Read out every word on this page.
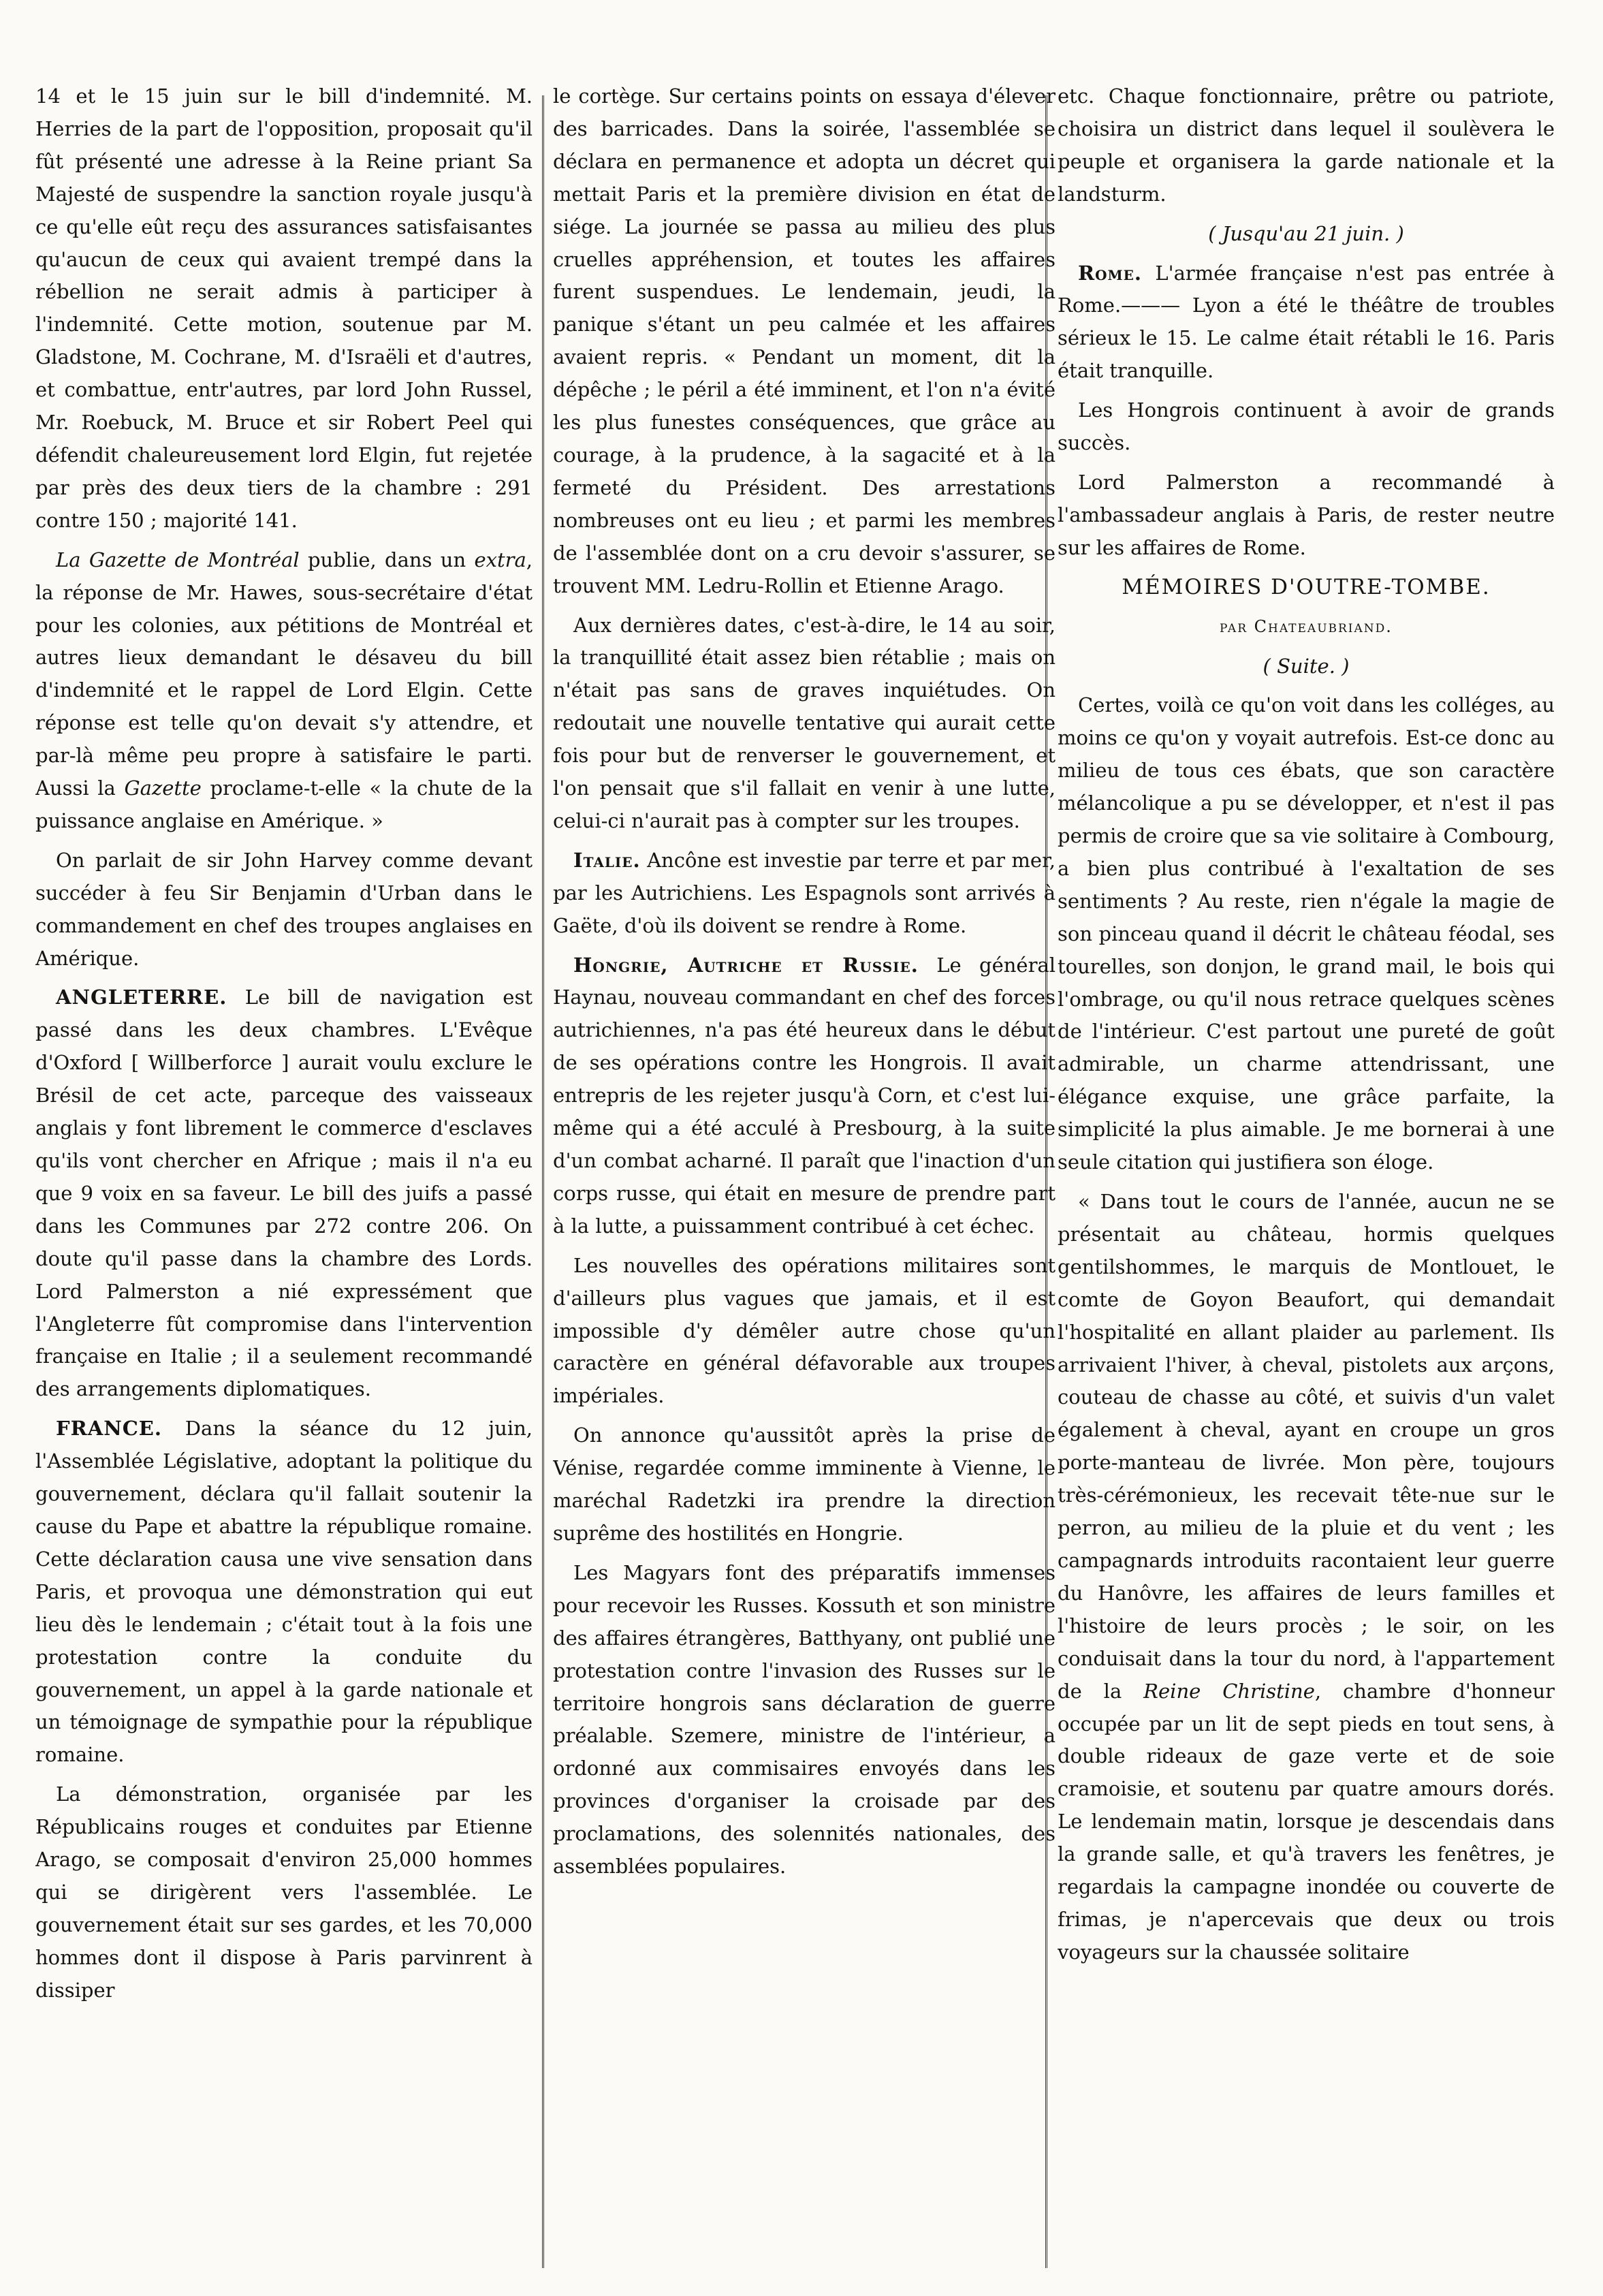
14 et le 15 juin sur le bill d'indemnité. M. Herries de la part de l'opposition, proposait qu'il fût présenté une adresse à la Reine priant Sa Majesté de suspendre la sanction royale jusqu'à ce qu'elle eût reçu des assurances satisfaisantes qu'aucun de ceux qui avaient trempé dans la rébellion ne serait admis à participer à l'indemnité. Cette motion, soutenue par M. Gladstone, M. Cochrane, M. d'Israëli et d'autres, et combattue, entr'autres, par lord John Russel, Mr. Roebuck, M. Bruce et sir Robert Peel qui défendit chaleureusement lord Elgin, fut rejetée par près des deux tiers de la chambre : 291 contre 150 ; majorité 141.

La Gazette de Montréal publie, dans un extra, la réponse de Mr. Hawes, sous-secrétaire d'état pour les colonies, aux pétitions de Montréal et autres lieux demandant le désaveu du bill d'indemnité et le rappel de Lord Elgin. Cette réponse est telle qu'on devait s'y attendre, et par-là même peu propre à satisfaire le parti. Aussi la Gazette proclame-t-elle « la chute de la puissance anglaise en Amérique. »

On parlait de sir John Harvey comme devant succéder à feu Sir Benjamin d'Urban dans le commandement en chef des troupes anglaises en Amérique.

ANGLETERRE. Le bill de navigation est passé dans les deux chambres. L'Evêque d'Oxford [ Willberforce ] aurait voulu exclure le Brésil de cet acte, parceque des vaisseaux anglais y font librement le commerce d'esclaves qu'ils vont chercher en Afrique ; mais il n'a eu que 9 voix en sa faveur. Le bill des juifs a passé dans les Communes par 272 contre 206. On doute qu'il passe dans la chambre des Lords. Lord Palmerston a nié expressément que l'Angleterre fût compromise dans l'intervention française en Italie ; il a seulement recommandé des arrangements diplomatiques.

FRANCE. Dans la séance du 12 juin, l'Assemblée Législative, adoptant la politique du gouvernement, déclara qu'il fallait soutenir la cause du Pape et abattre la république romaine. Cette déclaration causa une vive sensation dans Paris, et provoqua une démonstration qui eut lieu dès le lendemain ; c'était tout à la fois une protestation contre la conduite du gouvernement, un appel à la garde nationale et un témoignage de sympathie pour la république romaine.

La démonstration, organisée par les Républicains rouges et conduites par Etienne Arago, se composait d'environ 25,000 hommes qui se dirigèrent vers l'assemblée. Le gouvernement était sur ses gardes, et les 70,000 hommes dont il dispose à Paris parvinrent à dissiper

le cortège. Sur certains points on essaya d'élever des barricades. Dans la soirée, l'assemblée se déclara en permanence et adopta un décret qui mettait Paris et la première division en état de siége. La journée se passa au milieu des plus cruelles appréhension, et toutes les affaires furent suspendues. Le lendemain, jeudi, la panique s'étant un peu calmée et les affaires avaient repris. « Pendant un moment, dit la dépêche ; le péril a été imminent, et l'on n'a évité les plus funestes conséquences, que grâce au courage, à la prudence, à la sagacité et à la fermeté du Président. Des arrestations nombreuses ont eu lieu ; et parmi les membres de l'assemblée dont on a cru devoir s'assurer, se trouvent MM. Ledru-Rollin et Etienne Arago.

Aux dernières dates, c'est-à-dire, le 14 au soir, la tranquillité était assez bien rétablie ; mais on n'était pas sans de graves inquiétudes. On redoutait une nouvelle tentative qui aurait cette fois pour but de renverser le gouvernement, et l'on pensait que s'il fallait en venir à une lutte, celui-ci n'aurait pas à compter sur les troupes.

Italie. Ancône est investie par terre et par mer, par les Autrichiens. Les Espagnols sont arrivés à Gaëte, d'où ils doivent se rendre à Rome.

Hongrie, Autriche et Russie. Le général Haynau, nouveau commandant en chef des forces autrichiennes, n'a pas été heureux dans le début de ses opérations contre les Hongrois. Il avait entrepris de les rejeter jusqu'à Corn, et c'est lui-même qui a été acculé à Presbourg, à la suite d'un combat acharné. Il paraît que l'inaction d'un corps russe, qui était en mesure de prendre part à la lutte, a puissamment contribué à cet échec.

Les nouvelles des opérations militaires sont d'ailleurs plus vagues que jamais, et il est impossible d'y démêler autre chose qu'un caractère en général défavorable aux troupes impériales.

On annonce qu'aussitôt après la prise de Vénise, regardée comme imminente à Vienne, le maréchal Radetzki ira prendre la direction suprême des hostilités en Hongrie.

Les Magyars font des préparatifs immenses pour recevoir les Russes. Kossuth et son ministre des affaires étrangères, Batthyany, ont publié une protestation contre l'invasion des Russes sur le territoire hongrois sans déclaration de guerre préalable. Szemere, ministre de l'intérieur, a ordonné aux commisaires envoyés dans les provinces d'organiser la croisade par des proclamations, des solennités nationales, des assemblées populaires.

etc. Chaque fonctionnaire, prêtre ou patriote, choisira un district dans lequel il soulèvera le peuple et organisera la garde nationale et la landsturm.

( Jusqu'au 21 juin. )

Rome. L'armée française n'est pas entrée à Rome.——— Lyon a été le théâtre de troubles sérieux le 15. Le calme était rétabli le 16. Paris était tranquille.

Les Hongrois continuent à avoir de grands succès.

Lord Palmerston a recommandé à l'ambassadeur anglais à Paris, de rester neutre sur les affaires de Rome.

MÉMOIRES D'OUTRE-TOMBE.

par Chateaubriand.

( Suite. )

Certes, voilà ce qu'on voit dans les colléges, au moins ce qu'on y voyait autrefois. Est-ce donc au milieu de tous ces ébats, que son caractère mélancolique a pu se développer, et n'est il pas permis de croire que sa vie solitaire à Combourg, a bien plus contribué à l'exaltation de ses sentiments ? Au reste, rien n'égale la magie de son pinceau quand il décrit le château féodal, ses tourelles, son donjon, le grand mail, le bois qui l'ombrage, ou qu'il nous retrace quelques scènes de l'intérieur. C'est partout une pureté de goût admirable, un charme attendrissant, une élégance exquise, une grâce parfaite, la simplicité la plus aimable. Je me bornerai à une seule citation qui justifiera son éloge.

« Dans tout le cours de l'année, aucun ne se présentait au château, hormis quelques gentilshommes, le marquis de Montlouet, le comte de Goyon Beaufort, qui demandait l'hospitalité en allant plaider au parlement. Ils arrivaient l'hiver, à cheval, pistolets aux arçons, couteau de chasse au côté, et suivis d'un valet également à cheval, ayant en croupe un gros porte-manteau de livrée. Mon père, toujours très-cérémonieux, les recevait tête-nue sur le perron, au milieu de la pluie et du vent ; les campagnards introduits racontaient leur guerre du Hanôvre, les affaires de leurs familles et l'histoire de leurs procès ; le soir, on les conduisait dans la tour du nord, à l'appartement de la Reine Christine, chambre d'honneur occupée par un lit de sept pieds en tout sens, à double rideaux de gaze verte et de soie cramoisie, et soutenu par quatre amours dorés. Le lendemain matin, lorsque je descendais dans la grande salle, et qu'à travers les fenêtres, je regardais la campagne inondée ou couverte de frimas, je n'apercevais que deux ou trois voyageurs sur la chaussée solitaire
